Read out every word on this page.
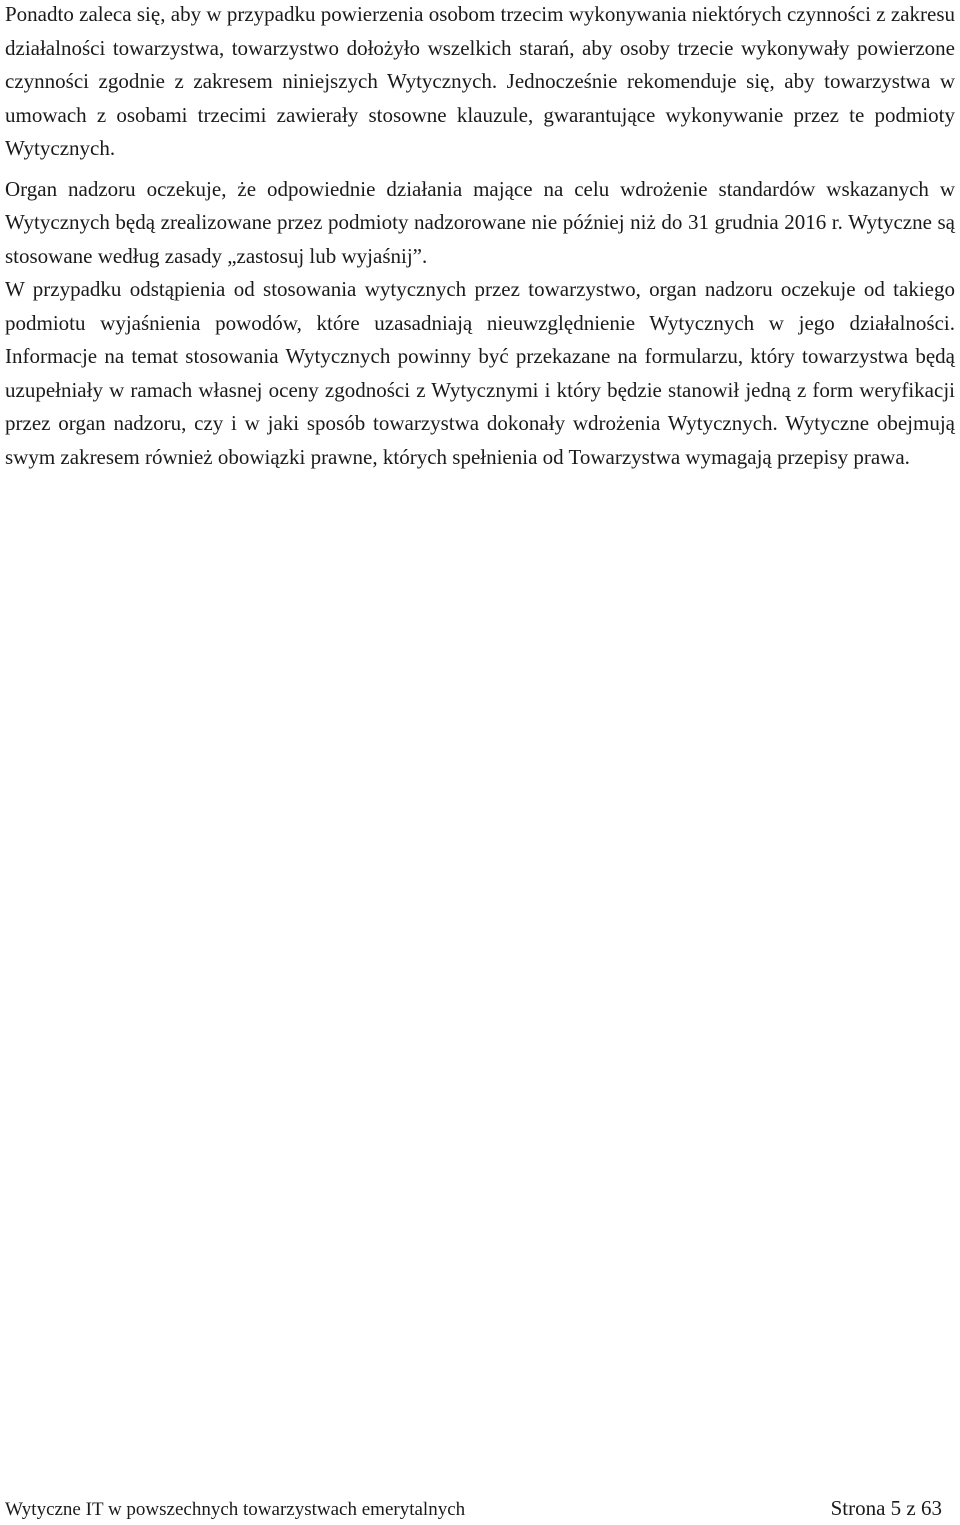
Ponadto zaleca się, aby w przypadku powierzenia osobom trzecim wykonywania niektórych czynności z zakresu działalności towarzystwa, towarzystwo dołożyło wszelkich starań, aby osoby trzecie wykonywały powierzone czynności zgodnie z zakresem niniejszych Wytycznych. Jednocześnie rekomenduje się, aby towarzystwa w umowach z osobami trzecimi zawierały stosowne klauzule, gwarantujące wykonywanie przez te podmioty Wytycznych.

Organ nadzoru oczekuje, że odpowiednie działania mające na celu wdrożenie standardów wskazanych w Wytycznych będą zrealizowane przez podmioty nadzorowane nie później niż do 31 grudnia 2016 r. Wytyczne są stosowane według zasady „zastosuj lub wyjaśnij”.

W przypadku odstąpienia od stosowania wytycznych przez towarzystwo, organ nadzoru oczekuje od takiego podmiotu wyjaśnienia powodów, które uzasadniają nieuwzględnienie Wytycznych w jego działalności. Informacje na temat stosowania Wytycznych powinny być przekazane na formularzu, który towarzystwa będą uzupełniały w ramach własnej oceny zgodności z Wytycznymi i który będzie stanowił jedną z form weryfikacji przez organ nadzoru, czy i w jaki sposób towarzystwa dokonały wdrożenia Wytycznych. Wytyczne obejmują swym zakresem również obowiązki prawne, których spełnienia od Towarzystwa wymagają przepisy prawa.

Wytyczne IT w powszechnych towarzystwach emerytalnych	Strona 5 z 63
